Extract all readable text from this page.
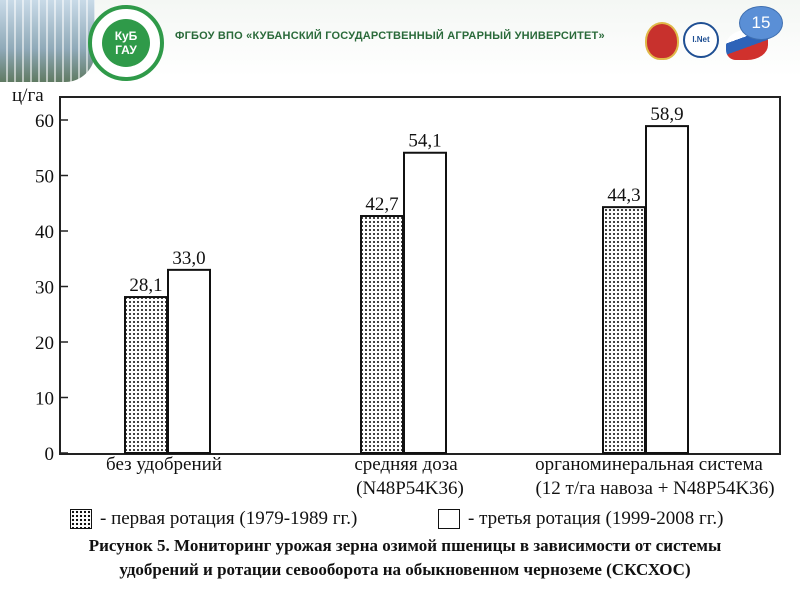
КуБ
ГАУ
ФГБОУ ВПО «КУБАНСКИЙ ГОСУДАРСТВЕННЫЙ АГРАРНЫЙ УНИВЕРСИТЕТ»	I.Net
15
ц/га
0
10
20
30
40
50
60
28,1
42,7	44,3
33,0
54,1
58,9
без удобрений	средняя доза
(N48P54K36)
органоминеральная система
(12 т/га навоза + N48P54K36)
- первая ротация (1979-1989 гг.)	- третья ротация (1999-2008 гг.)
Рисунок 5. Мониторинг урожая зерна озимой пшеницы в зависимости от системы
удобрений и ротации севооборота на обыкновенном черноземе (СКСХОС)
